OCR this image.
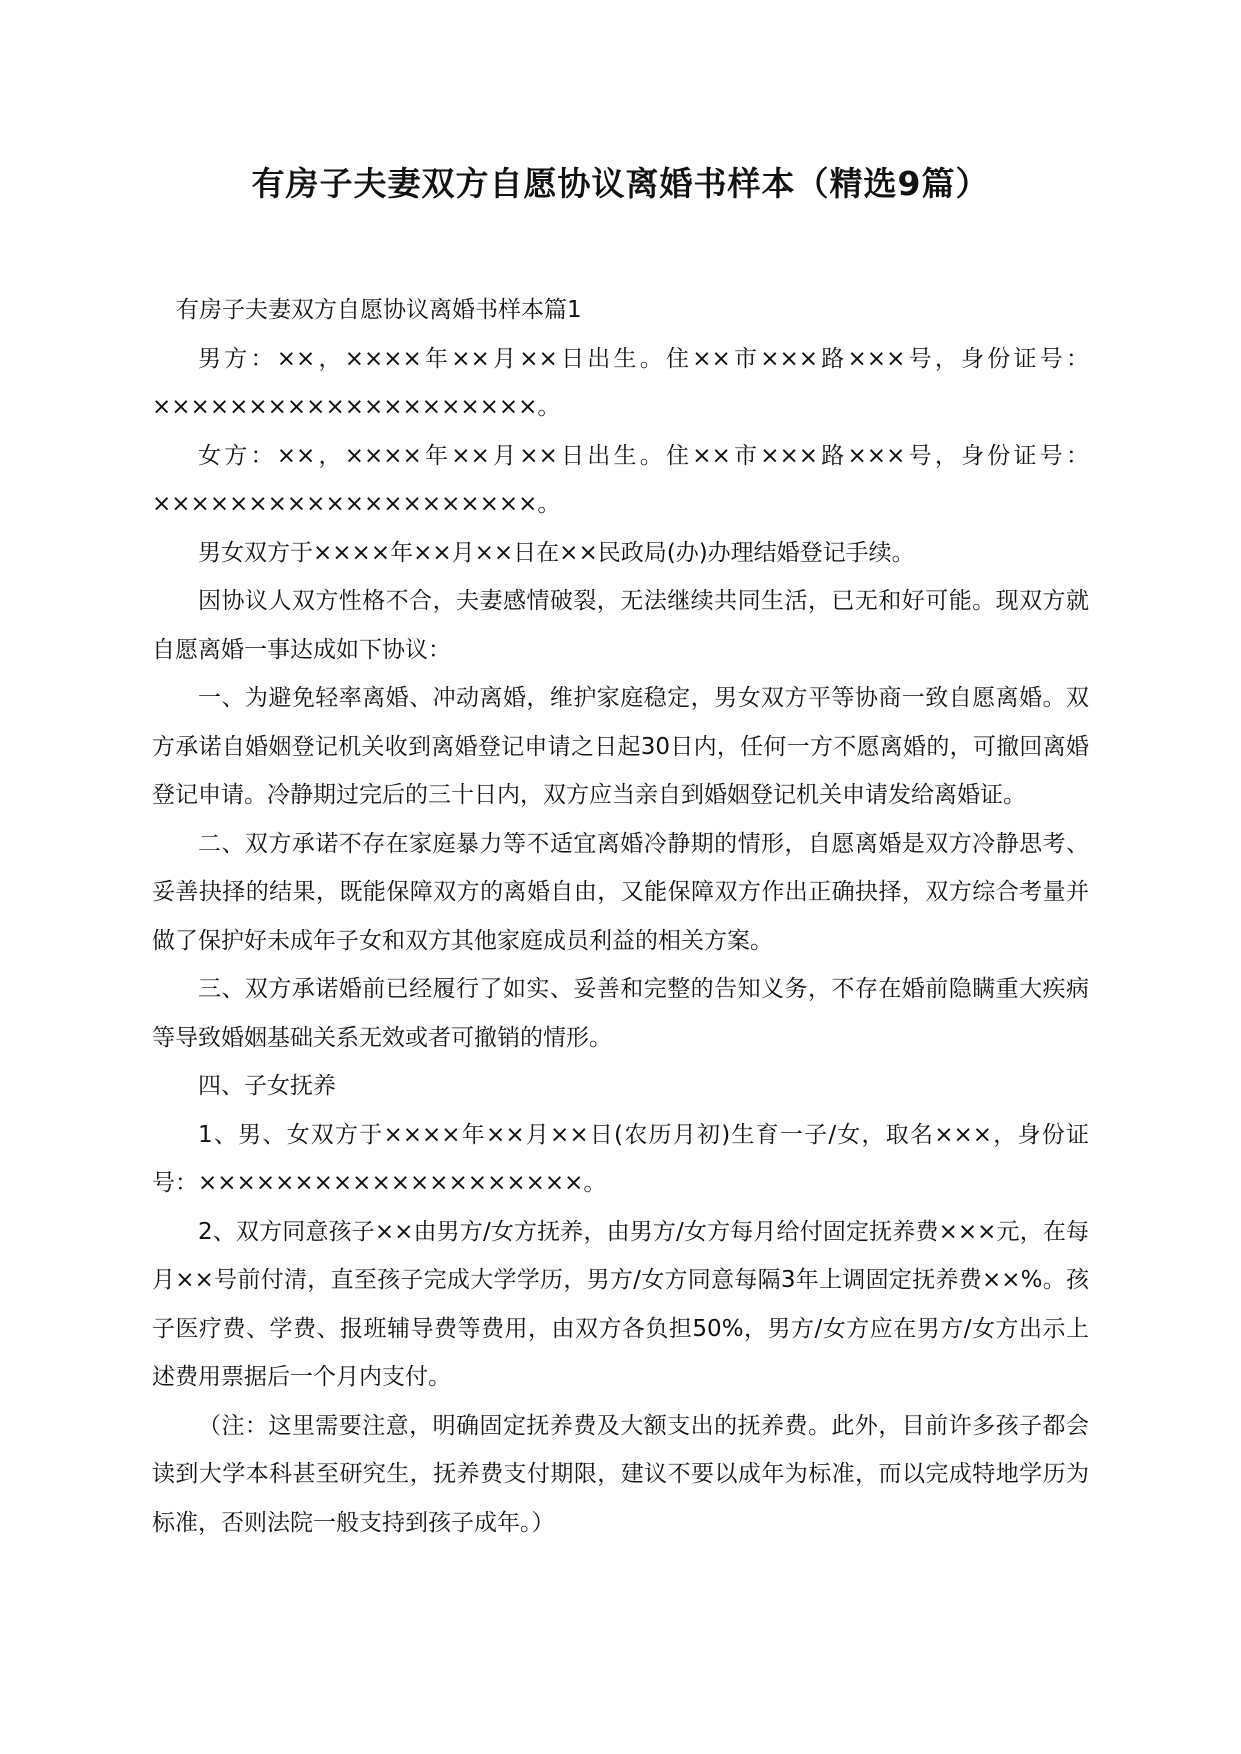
有房子夫妻双方自愿协议离婚书样本（精选9篇）

有房子夫妻双方自愿协议离婚书样本篇1

男方：××，××××年××月××日出生。住××市×××路×××号，身份证号：××××××××××××××××××××。

女方：××，××××年××月××日出生。住××市×××路×××号，身份证号：××××××××××××××××××××。

男女双方于××××年××月××日在××民政局(办)办理结婚登记手续。

因协议人双方性格不合，夫妻感情破裂，无法继续共同生活，已无和好可能。现双方就自愿离婚一事达成如下协议：

一、为避免轻率离婚、冲动离婚，维护家庭稳定，男女双方平等协商一致自愿离婚。双方承诺自婚姻登记机关收到离婚登记申请之日起30日内，任何一方不愿离婚的，可撤回离婚登记申请。冷静期过完后的三十日内，双方应当亲自到婚姻登记机关申请发给离婚证。

二、双方承诺不存在家庭暴力等不适宜离婚冷静期的情形，自愿离婚是双方冷静思考、妥善抉择的结果，既能保障双方的离婚自由，又能保障双方作出正确抉择，双方综合考量并做了保护好未成年子女和双方其他家庭成员利益的相关方案。

三、双方承诺婚前已经履行了如实、妥善和完整的告知义务，不存在婚前隐瞒重大疾病等导致婚姻基础关系无效或者可撤销的情形。

四、子女抚养

1、男、女双方于××××年××月××日(农历月初)生育一子/女，取名×××，身份证号：××××××××××××××××××××。

2、双方同意孩子××由男方/女方抚养，由男方/女方每月给付固定抚养费×××元，在每月××号前付清，直至孩子完成大学学历，男方/女方同意每隔3年上调固定抚养费××%。孩子医疗费、学费、报班辅导费等费用，由双方各负担50%，男方/女方应在男方/女方出示上述费用票据后一个月内支付。

（注：这里需要注意，明确固定抚养费及大额支出的抚养费。此外，目前许多孩子都会读到大学本科甚至研究生，抚养费支付期限，建议不要以成年为标准，而以完成特地学历为标准，否则法院一般支持到孩子成年。）
